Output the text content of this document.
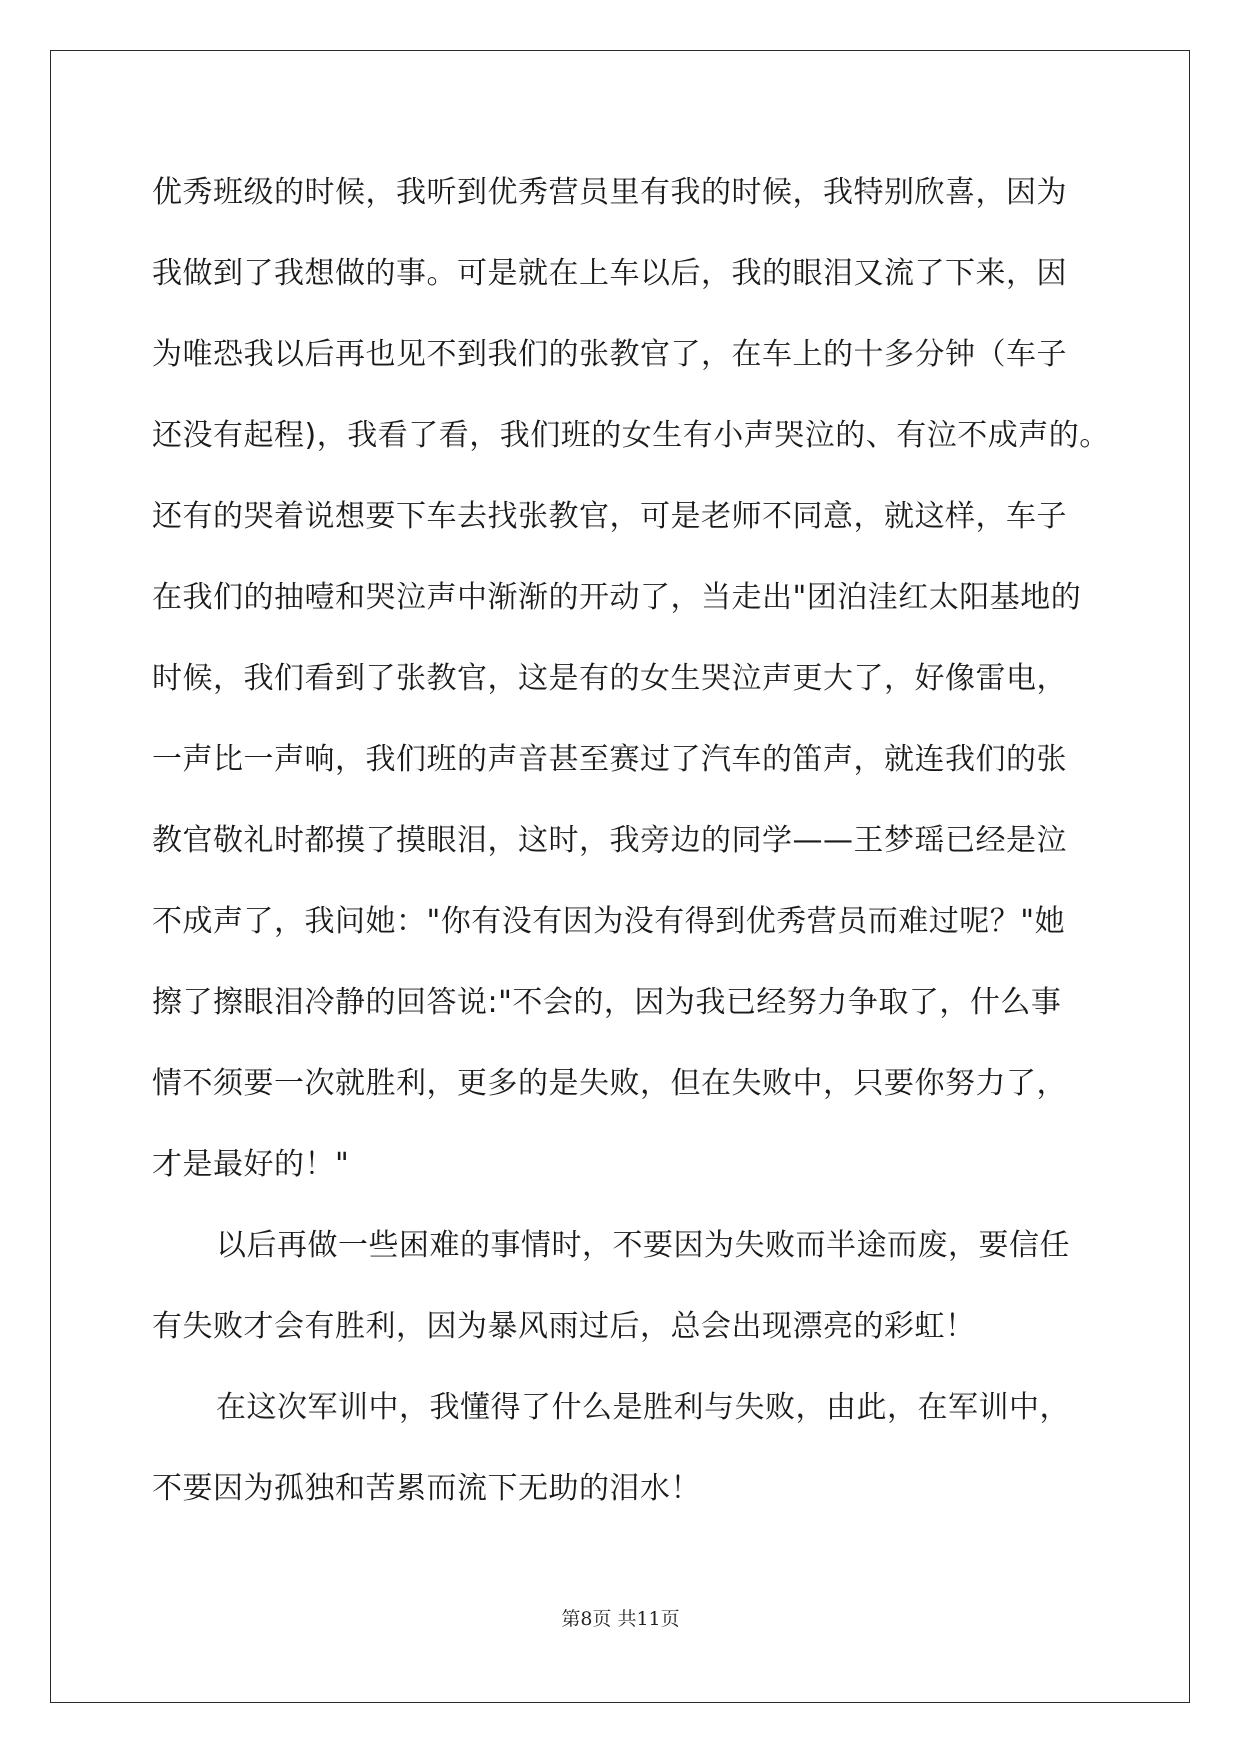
优秀班级的时候，我听到优秀营员里有我的时候，我特别欣喜，因为
我做到了我想做的事。可是就在上车以后，我的眼泪又流了下来，因
为唯恐我以后再也见不到我们的张教官了，在车上的十多分钟（车子
还没有起程)，我看了看，我们班的女生有小声哭泣的、有泣不成声的。
还有的哭着说想要下车去找张教官，可是老师不同意，就这样，车子
在我们的抽噎和哭泣声中渐渐的开动了，当走出"团泊洼红太阳基地的
时候，我们看到了张教官，这是有的女生哭泣声更大了，好像雷电，
一声比一声响，我们班的声音甚至赛过了汽车的笛声，就连我们的张
教官敬礼时都摸了摸眼泪，这时，我旁边的同学——王梦瑶已经是泣
不成声了，我问她："你有没有因为没有得到优秀营员而难过呢？"她
擦了擦眼泪冷静的回答说:"不会的，因为我已经努力争取了，什么事
情不须要一次就胜利，更多的是失败，但在失败中，只要你努力了，
才是最好的！"
以后再做一些困难的事情时，不要因为失败而半途而废，要信任
有失败才会有胜利，因为暴风雨过后，总会出现漂亮的彩虹！
在这次军训中，我懂得了什么是胜利与失败，由此，在军训中，
不要因为孤独和苦累而流下无助的泪水！
第8页 共11页
